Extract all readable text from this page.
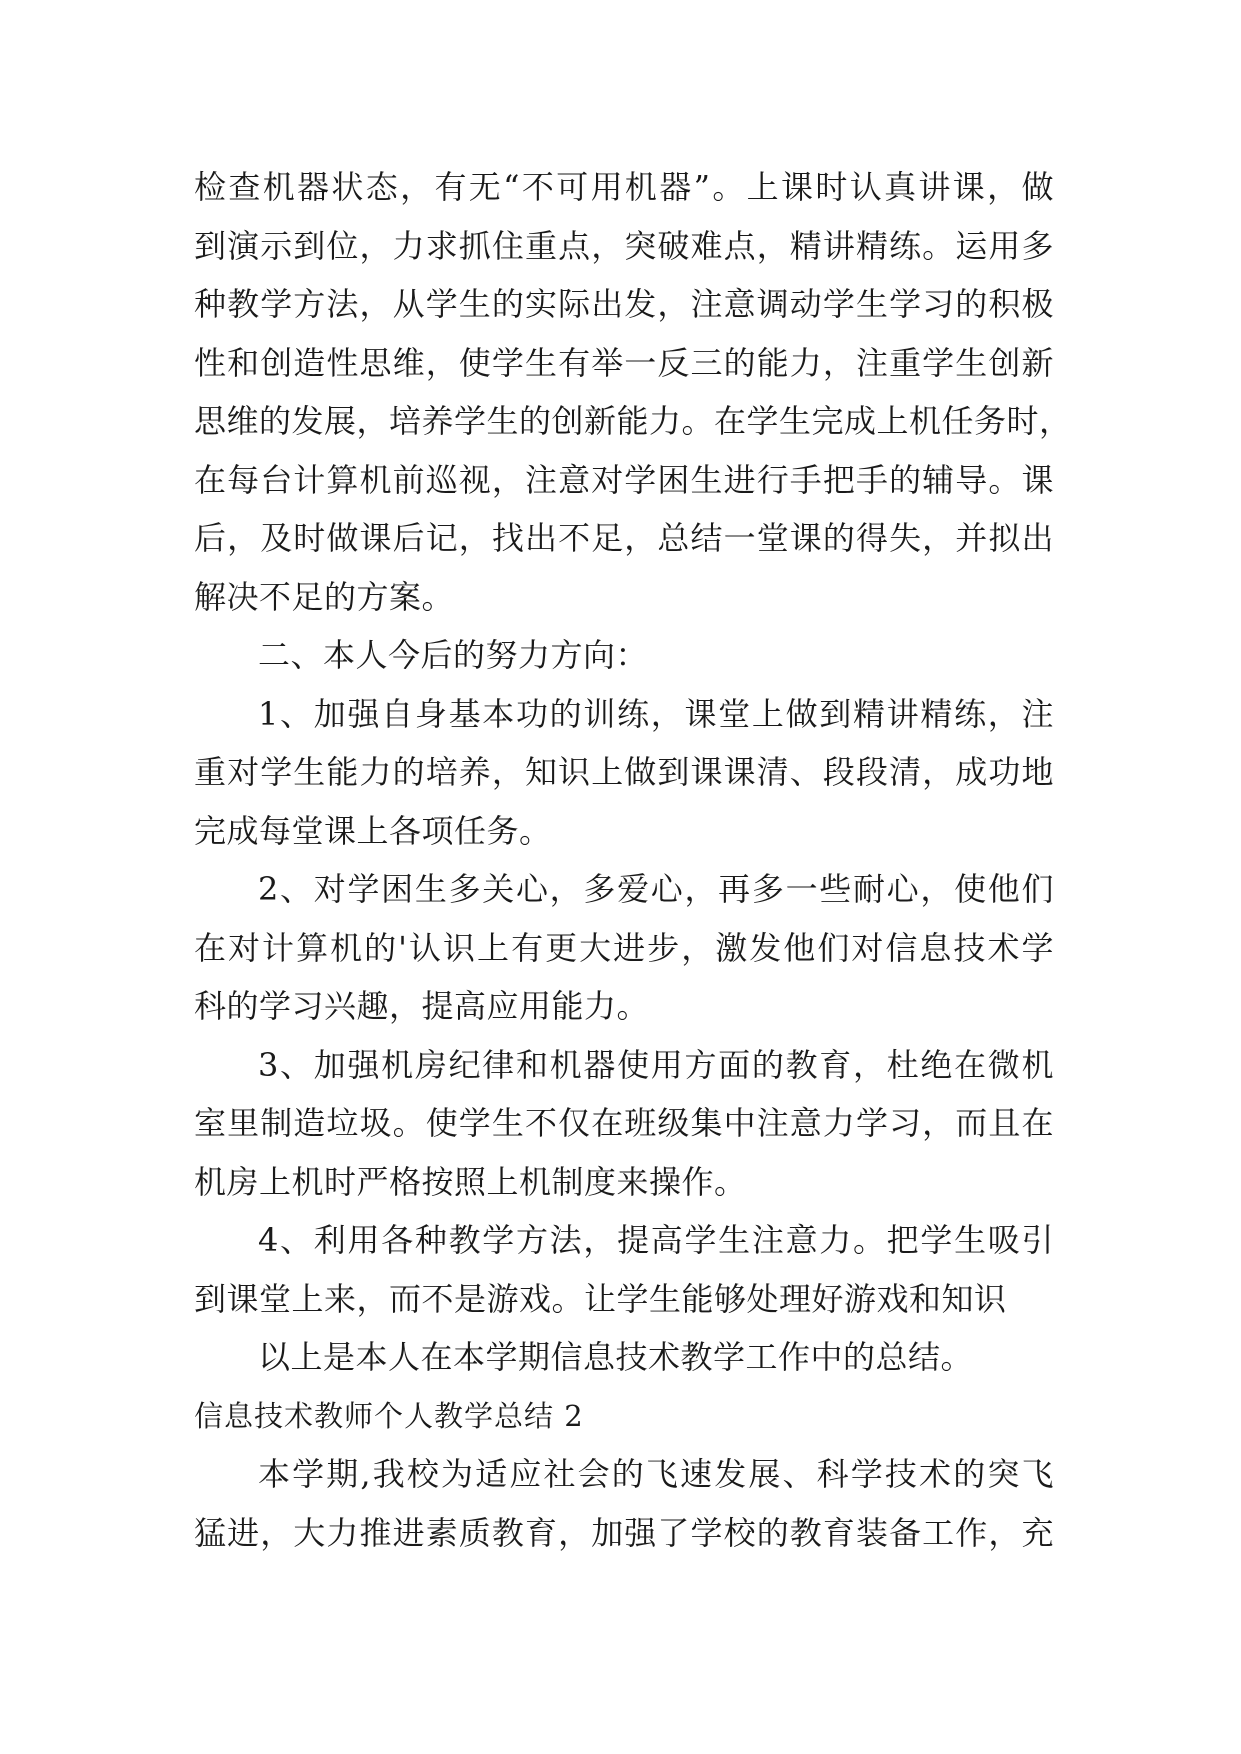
检查机器状态，有无“不可用机器”。上课时认真讲课，做
到演示到位，力求抓住重点，突破难点，精讲精练。运用多
种教学方法，从学生的实际出发，注意调动学生学习的积极
性和创造性思维，使学生有举一反三的能力，注重学生创新
思维的发展，培养学生的创新能力。在学生完成上机任务时，
在每台计算机前巡视，注意对学困生进行手把手的辅导。课
后，及时做课后记，找出不足，总结一堂课的得失，并拟出
解决不足的方案。
二、本人今后的努力方向：
1、加强自身基本功的训练，课堂上做到精讲精练，注
重对学生能力的培养，知识上做到课课清、段段清，成功地
完成每堂课上各项任务。
2、对学困生多关心，多爱心，再多一些耐心，使他们
在对计算机的'认识上有更大进步，激发他们对信息技术学
科的学习兴趣，提高应用能力。
3、加强机房纪律和机器使用方面的教育，杜绝在微机
室里制造垃圾。使学生不仅在班级集中注意力学习，而且在
机房上机时严格按照上机制度来操作。
4、利用各种教学方法，提高学生注意力。把学生吸引
到课堂上来，而不是游戏。让学生能够处理好游戏和知识
以上是本人在本学期信息技术教学工作中的总结。
信息技术教师个人教学总结 2
本学期,我校为适应社会的飞速发展、科学技术的突飞
猛进，大力推进素质教育，加强了学校的教育装备工作，充
